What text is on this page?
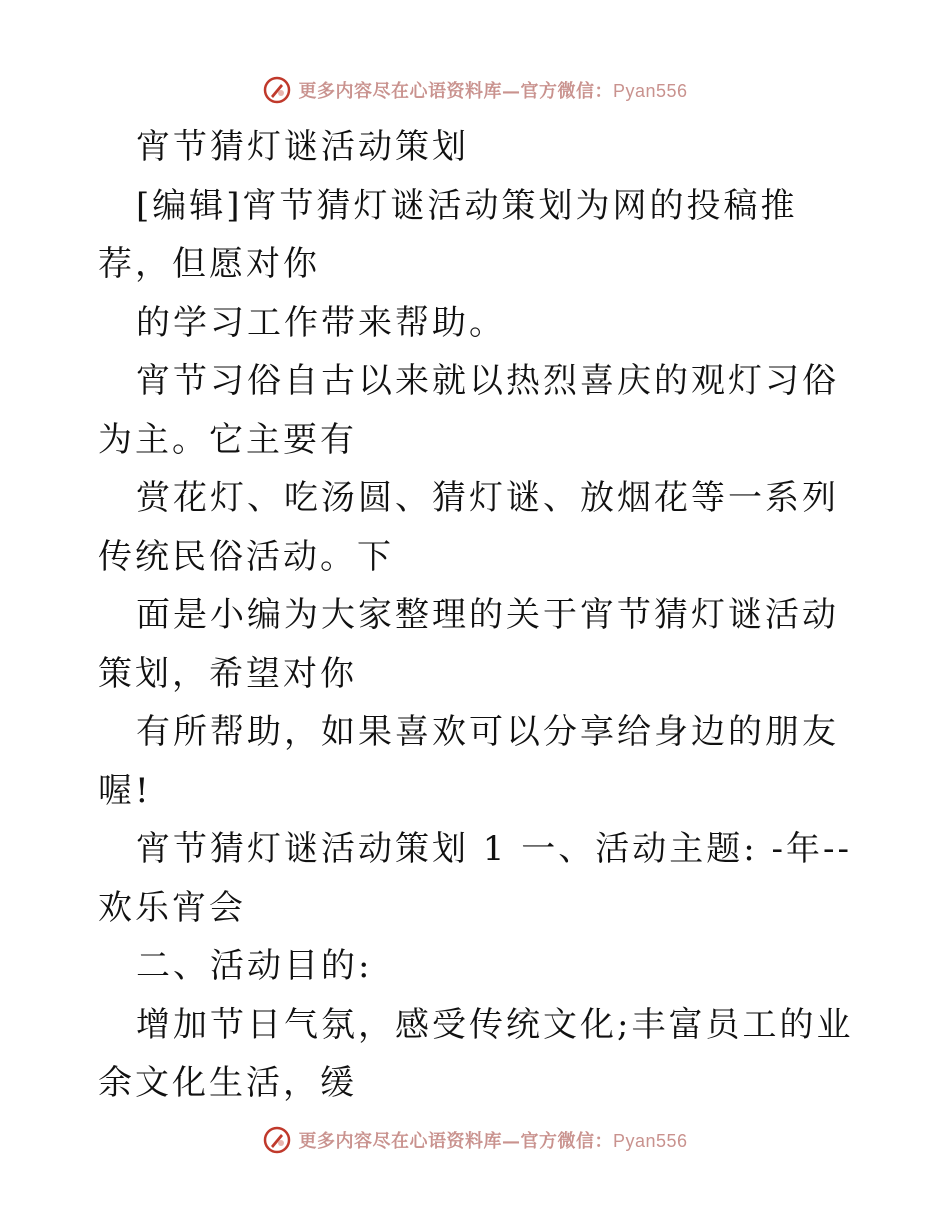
更多内容尽在心语资料库—官方微信：Pyan556

宵节猜灯谜活动策划

[编辑]宵节猜灯谜活动策划为网的投稿推荐，但愿对你

的学习工作带来帮助。

宵节习俗自古以来就以热烈喜庆的观灯习俗为主。它主要有

赏花灯、吃汤圆、猜灯谜、放烟花等一系列传统民俗活动。下

面是小编为大家整理的关于宵节猜灯谜活动策划，希望对你

有所帮助，如果喜欢可以分享给身边的朋友喔!

宵节猜灯谜活动策划 1 一、活动主题: -年--欢乐宵会

二、活动目的:

增加节日气氛，感受传统文化;丰富员工的业余文化生活，缓

更多内容尽在心语资料库—官方微信：Pyan556
